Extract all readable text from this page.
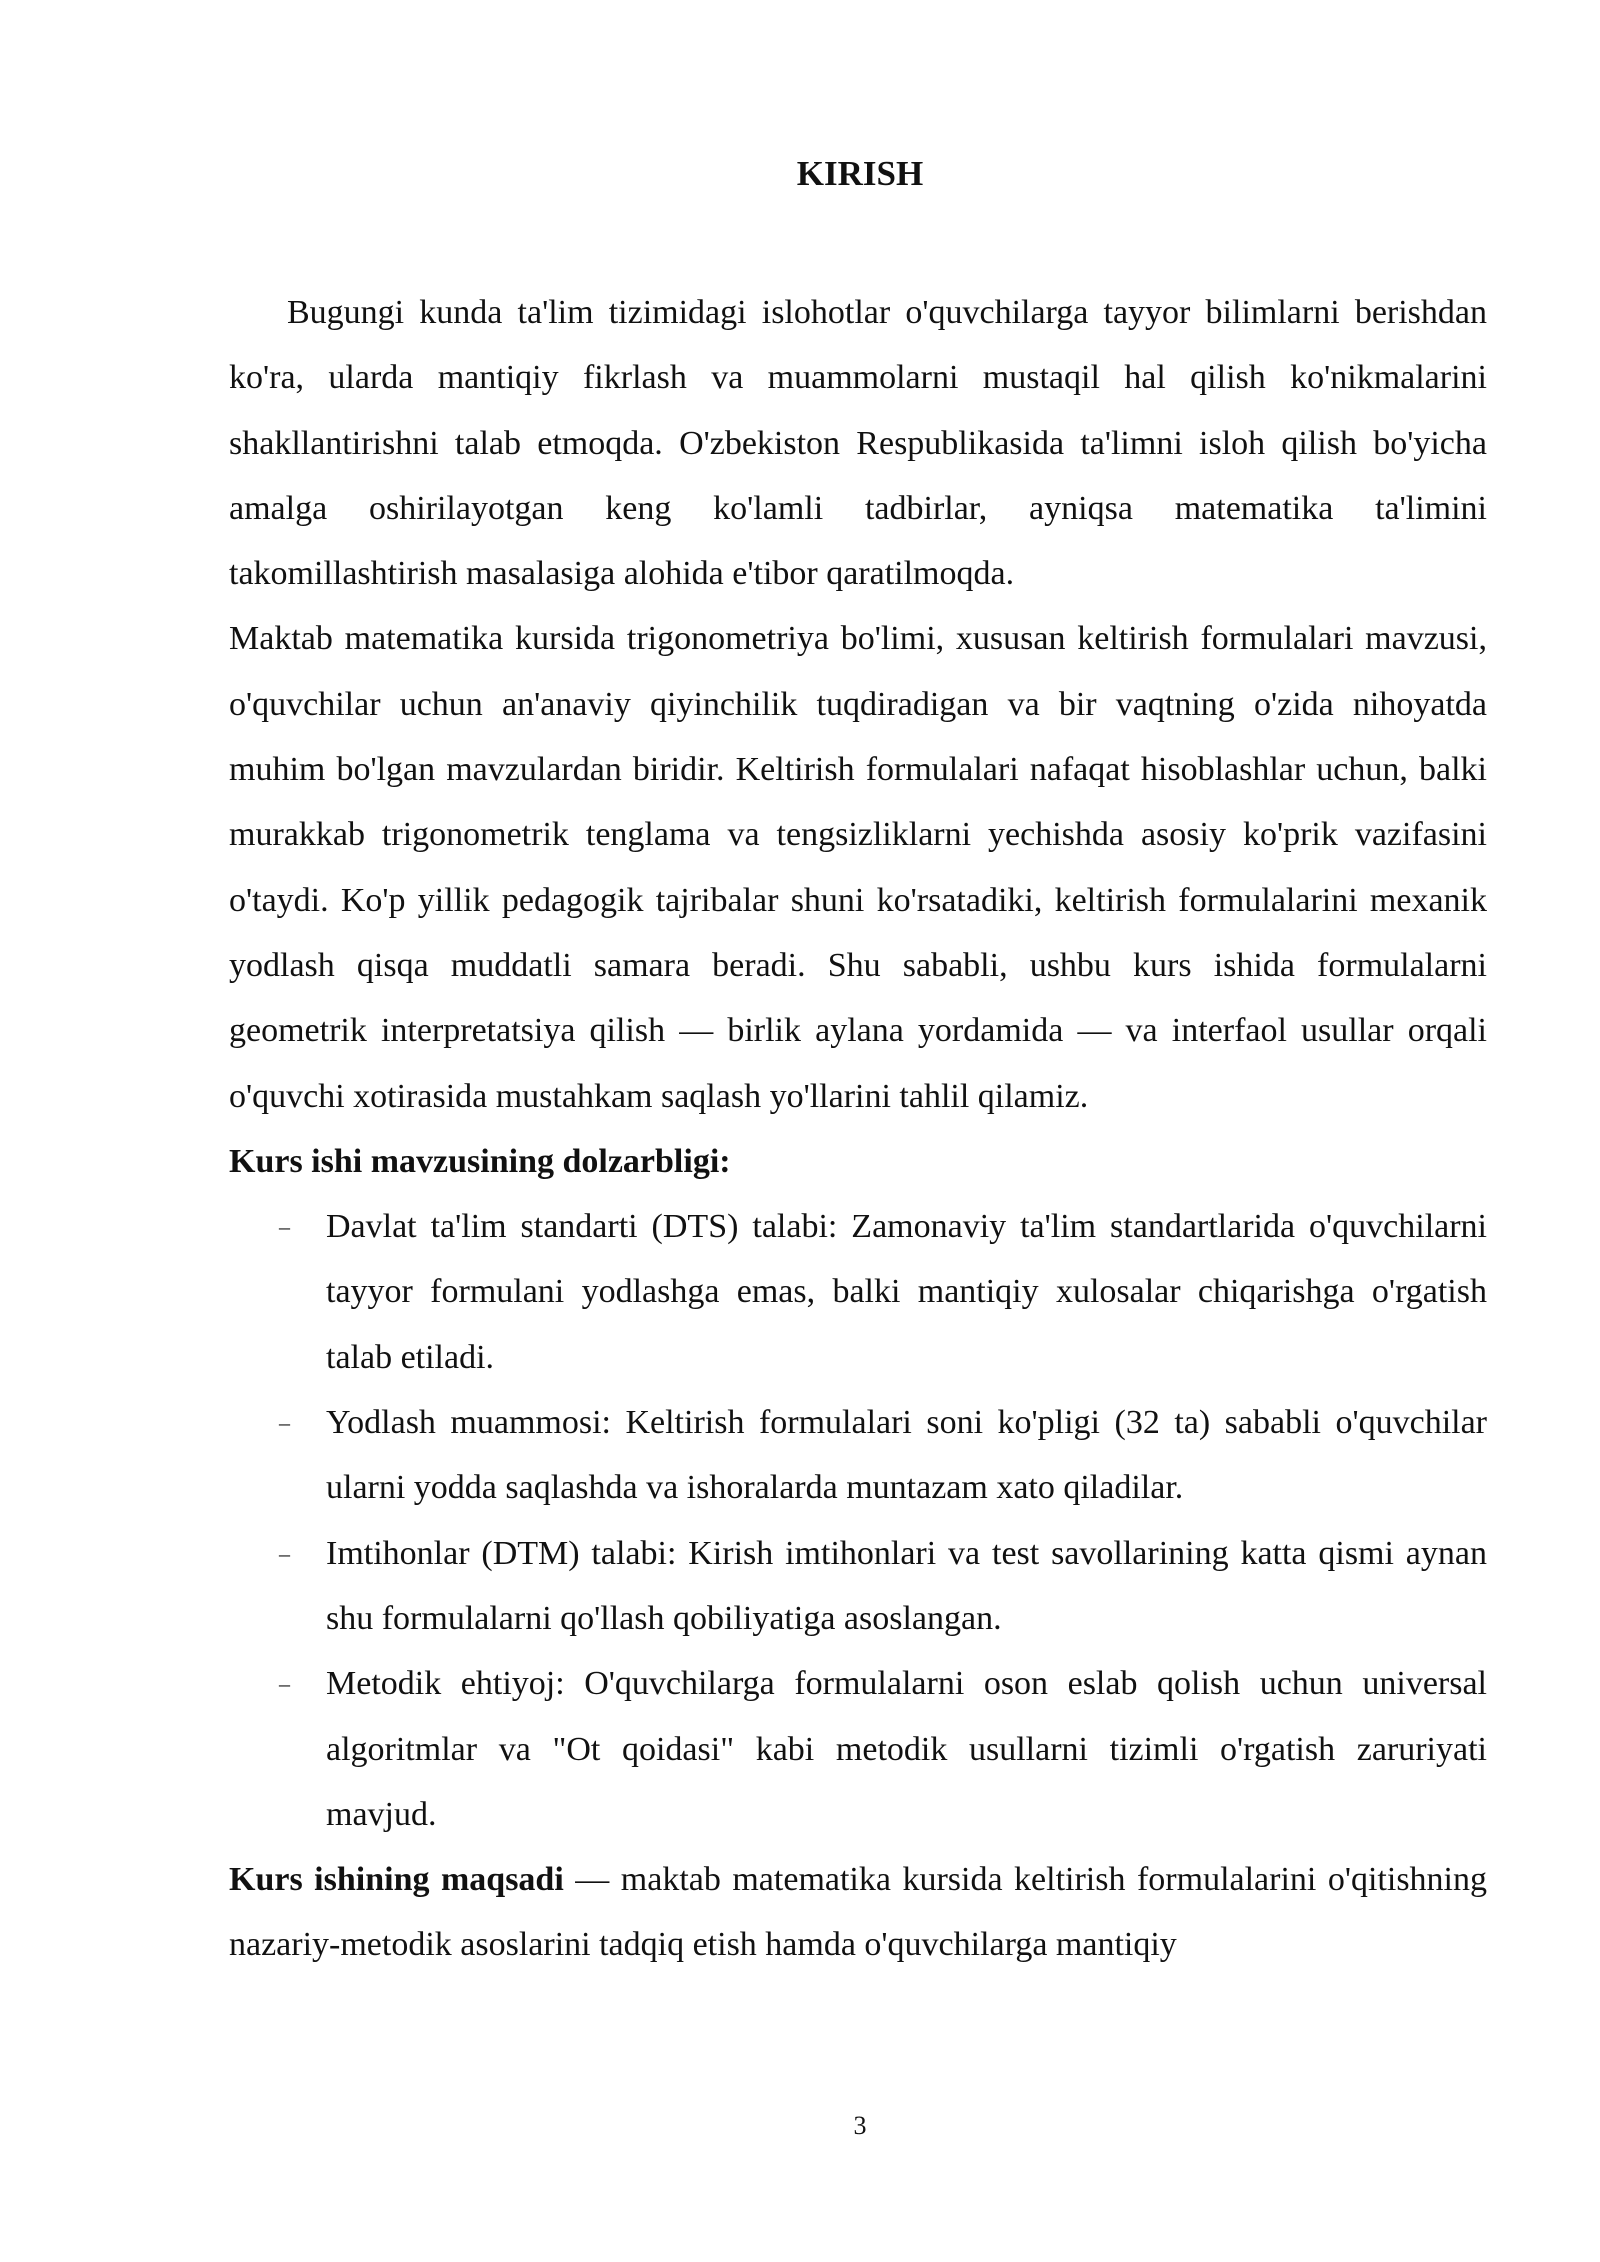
KIRISH

Bugungi kunda ta'lim tizimidagi islohotlar o'quvchilarga tayyor bilimlarni berishdan ko'ra, ularda mantiqiy fikrlash va muammolarni mustaqil hal qilish ko'nikmalarini shakllantirishni talab etmoqda. O'zbekiston Respublikasida ta'limni isloh qilish bo'yicha amalga oshirilayotgan keng ko'lamli tadbirlar, ayniqsa matematika ta'limini takomillashtirish masalasiga alohida e'tibor qaratilmoqda.

Maktab matematika kursida trigonometriya bo'limi, xususan keltirish formulalari mavzusi, o'quvchilar uchun an'anaviy qiyinchilik tuqdiradigan va bir vaqtning o'zida nihoyatda muhim bo'lgan mavzulardan biridir. Keltirish formulalari nafaqat hisoblashlar uchun, balki murakkab trigonometrik tenglama va tengsizliklarni yechishda asosiy ko'prik vazifasini o'taydi. Ko'p yillik pedagogik tajribalar shuni ko'rsatadiki, keltirish formulalarini mexanik yodlash qisqa muddatli samara beradi. Shu sababli, ushbu kurs ishida formulalarni geometrik interpretatsiya qilish — birlik aylana yordamida — va interfaol usullar orqali o'quvchi xotirasida mustahkam saqlash yo'llarini tahlil qilamiz.

Kurs ishi mavzusining dolzarbligi:

– Davlat ta'lim standarti (DTS) talabi: Zamonaviy ta'lim standartlarida o'quvchilarni tayyor formulani yodlashga emas, balki mantiqiy xulosalar chiqarishga o'rgatish talab etiladi.
– Yodlash muammosi: Keltirish formulalari soni ko'pligi (32 ta) sababli o'quvchilar ularni yodda saqlashda va ishoralarda muntazam xato qiladilar.
– Imtihonlar (DTM) talabi: Kirish imtihonlari va test savollarining katta qismi aynan shu formulalarni qo'llash qobiliyatiga asoslangan.
– Metodik ehtiyoj: O'quvchilarga formulalarni oson eslab qolish uchun universal algoritmlar va "Ot qoidasi" kabi metodik usullarni tizimli o'rgatish zaruriyati mavjud.

Kurs ishining maqsadi — maktab matematika kursida keltirish formulalarini o'qitishning nazariy-metodik asoslarini tadqiq etish hamda o'quvchilarga mantiqiy

3
